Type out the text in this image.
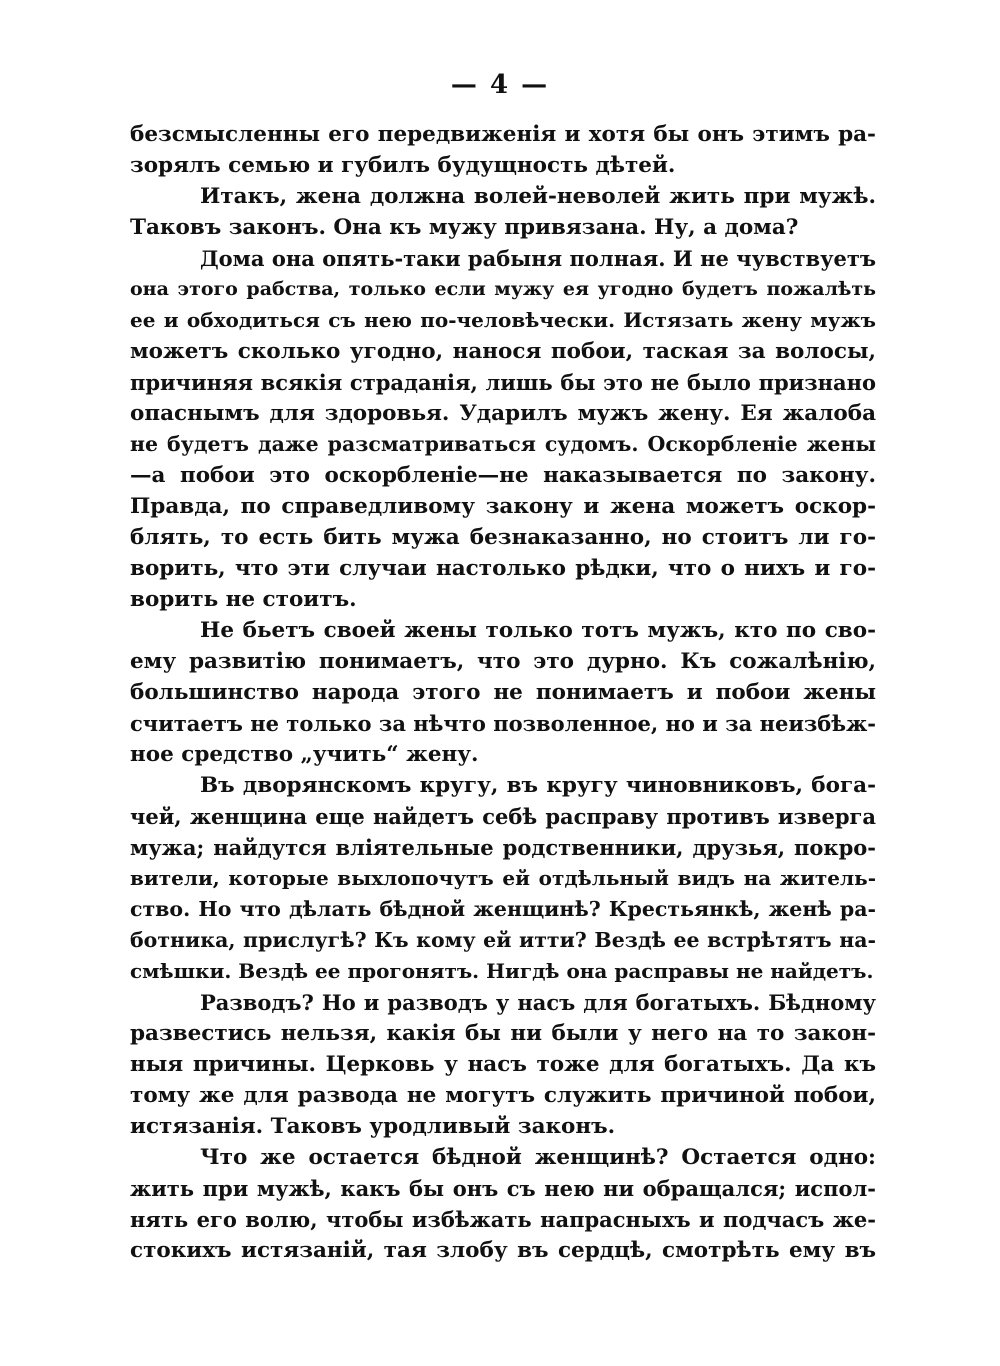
— 4 —
безсмысленны его передвиженія и хотя бы онъ этимъ ра-
зорялъ семью и губилъ будущность дѣтей.
Итакъ, жена должна волей-неволей жить при мужѣ.
Таковъ законъ. Она къ мужу привязана. Ну, а дома?
Дома она опять-таки рабыня полная. И не чувствуетъ
она этого рабства, только если мужу ея угодно будетъ пожалѣть
ее и обходиться съ нею по-человѣчески. Истязать жену мужъ
можетъ сколько угодно, нанося побои, таская за волосы,
причиняя всякія страданія, лишь бы это не было признано
опаснымъ для здоровья. Ударилъ мужъ жену. Ея жалоба
не будетъ даже разсматриваться судомъ. Оскорбленіе жены
—а побои это оскорбленіе—не наказывается по закону.
Правда, по справедливому закону и жена можетъ оскор-
блять, то есть бить мужа безнаказанно, но стоитъ ли го-
ворить, что эти случаи настолько рѣдки, что о нихъ и го-
ворить не стоитъ.
Не бьетъ своей жены только тотъ мужъ, кто по сво-
ему развитію понимаетъ, что это дурно. Къ сожалѣнію,
большинство народа этого не понимаетъ и побои жены
считаетъ не только за нѣчто позволенное, но и за неизбѣж-
ное средство „учить“ жену.
Въ дворянскомъ кругу, въ кругу чиновниковъ, бога-
чей, женщина еще найдетъ себѣ расправу противъ изверга
мужа; найдутся вліятельные родственники, друзья, покро-
вители, которые выхлопочутъ ей отдѣльный видъ на житель-
ство. Но что дѣлать бѣдной женщинѣ? Крестьянкѣ, женѣ ра-
ботника, прислугѣ? Къ кому ей итти? Вездѣ ее встрѣтятъ на-
смѣшки. Вездѣ ее прогонятъ. Нигдѣ она расправы не найдетъ.
Разводъ? Но и разводъ у насъ для богатыхъ. Бѣдному
развестись нельзя, какія бы ни были у него на то закон-
ныя причины. Церковь у насъ тоже для богатыхъ. Да къ
тому же для развода не могутъ служить причиной побои,
истязанія. Таковъ уродливый законъ.
Что же остается бѣдной женщинѣ? Остается одно:
жить при мужѣ, какъ бы онъ съ нею ни обращался; испол-
нять его волю, чтобы избѣжать напрасныхъ и подчасъ же-
стокихъ истязаній, тая злобу въ сердцѣ, смотрѣть ему въ
